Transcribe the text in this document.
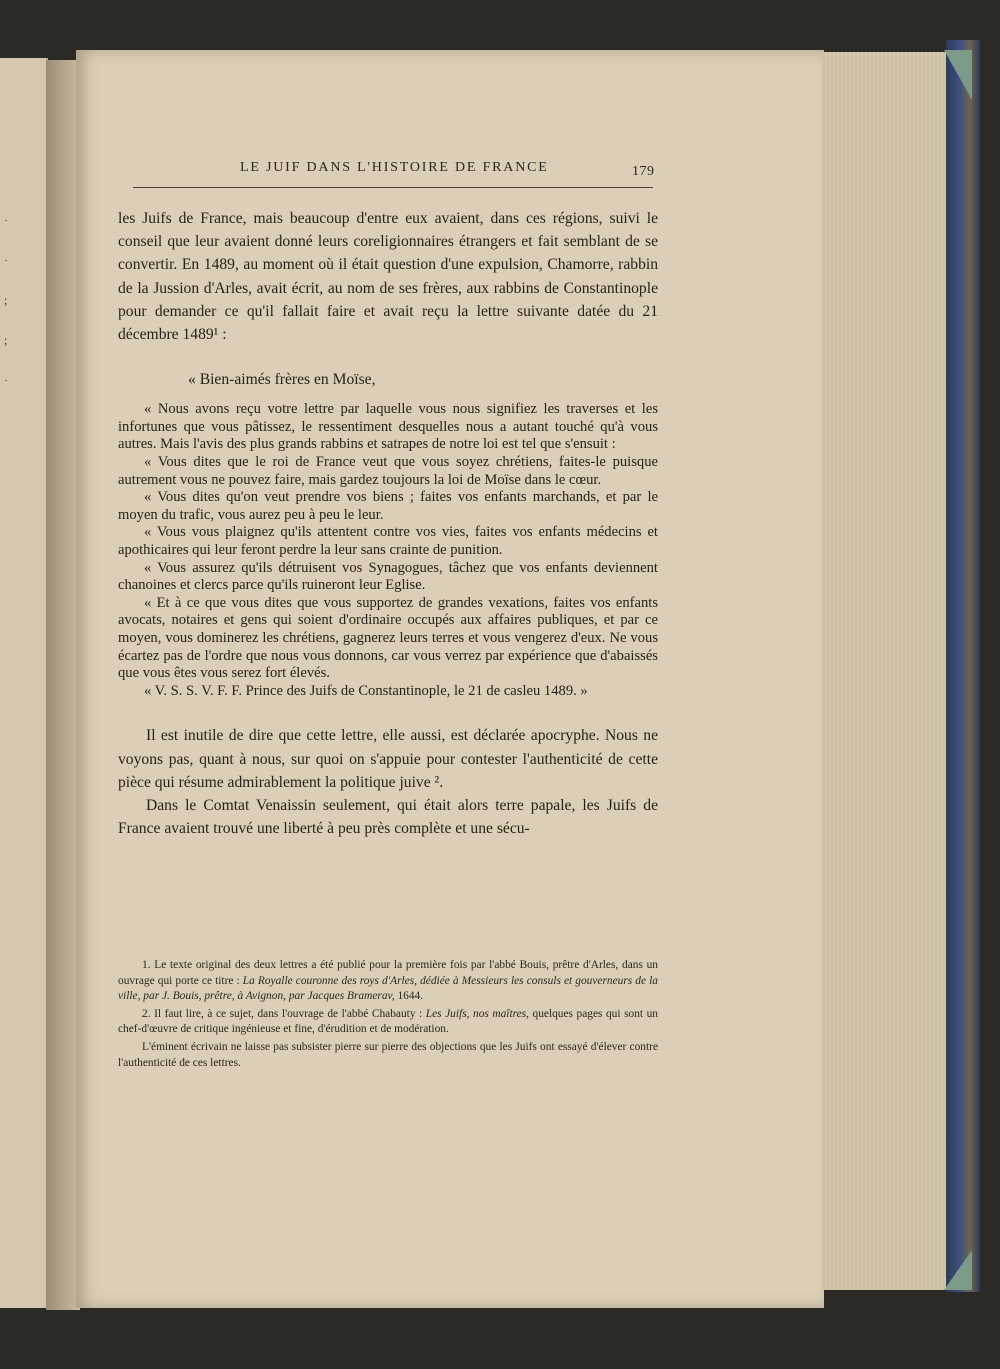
·
·
;
;
·
LE JUIF DANS L'HISTOIRE DE FRANCE	179

les Juifs de France, mais beaucoup d'entre eux avaient, dans ces régions, suivi le conseil que leur avaient donné leurs coreligionnaires étrangers et fait semblant de se convertir. En 1489, au moment où il était question d'une expulsion, Chamorre, rabbin de la Jussion d'Arles, avait écrit, au nom de ses frères, aux rabbins de Constantinople pour demander ce qu'il fallait faire et avait reçu la lettre suivante datée du 21 décembre 1489¹ :

« Bien-aimés frères en Moïse,

« Nous avons reçu votre lettre par laquelle vous nous signifiez les traverses et les infortunes que vous pâtissez, le ressentiment desquelles nous a autant touché qu'à vous autres. Mais l'avis des plus grands rabbins et satrapes de notre loi est tel que s'ensuit :

« Vous dites que le roi de France veut que vous soyez chrétiens, faites-le puisque autrement vous ne pouvez faire, mais gardez toujours la loi de Moïse dans le cœur.

« Vous dites qu'on veut prendre vos biens ; faites vos enfants marchands, et par le moyen du trafic, vous aurez peu à peu le leur.

« Vous vous plaignez qu'ils attentent contre vos vies, faites vos enfants médecins et apothicaires qui leur feront perdre la leur sans crainte de punition.

« Vous assurez qu'ils détruisent vos Synagogues, tâchez que vos enfants deviennent chanoines et clercs parce qu'ils ruineront leur Eglise.

« Et à ce que vous dites que vous supportez de grandes vexations, faites vos enfants avocats, notaires et gens qui soient d'ordinaire occupés aux affaires publiques, et par ce moyen, vous dominerez les chrétiens, gagnerez leurs terres et vous vengerez d'eux. Ne vous écartez pas de l'ordre que nous vous donnons, car vous verrez par expérience que d'abaissés que vous êtes vous serez fort élevés.

« V. S. S. V. F. F. Prince des Juifs de Constantinople, le 21 de casleu 1489. »

Il est inutile de dire que cette lettre, elle aussi, est déclarée apocryphe. Nous ne voyons pas, quant à nous, sur quoi on s'appuie pour contester l'authenticité de cette pièce qui résume admirablement la politique juive ².

Dans le Comtat Venaissin seulement, qui était alors terre papale, les Juifs de France avaient trouvé une liberté à peu près complète et une sécu-

1. Le texte original des deux lettres a été publié pour la première fois par l'abbé Bouis, prêtre d'Arles, dans un ouvrage qui porte ce titre : La Royalle couronne des roys d'Arles, dédiée à Messieurs les consuls et gouverneurs de la ville, par J. Bouis, prêtre, à Avignon, par Jacques Bramerav, 1644.

2. Il faut lire, à ce sujet, dans l'ouvrage de l'abbé Chabauty : Les Juifs, nos maîtres, quelques pages qui sont un chef-d'œuvre de critique ingénieuse et fine, d'érudition et de modération.

L'éminent écrivain ne laisse pas subsister pierre sur pierre des objections que les Juifs ont essayé d'élever contre l'authenticité de ces lettres.
